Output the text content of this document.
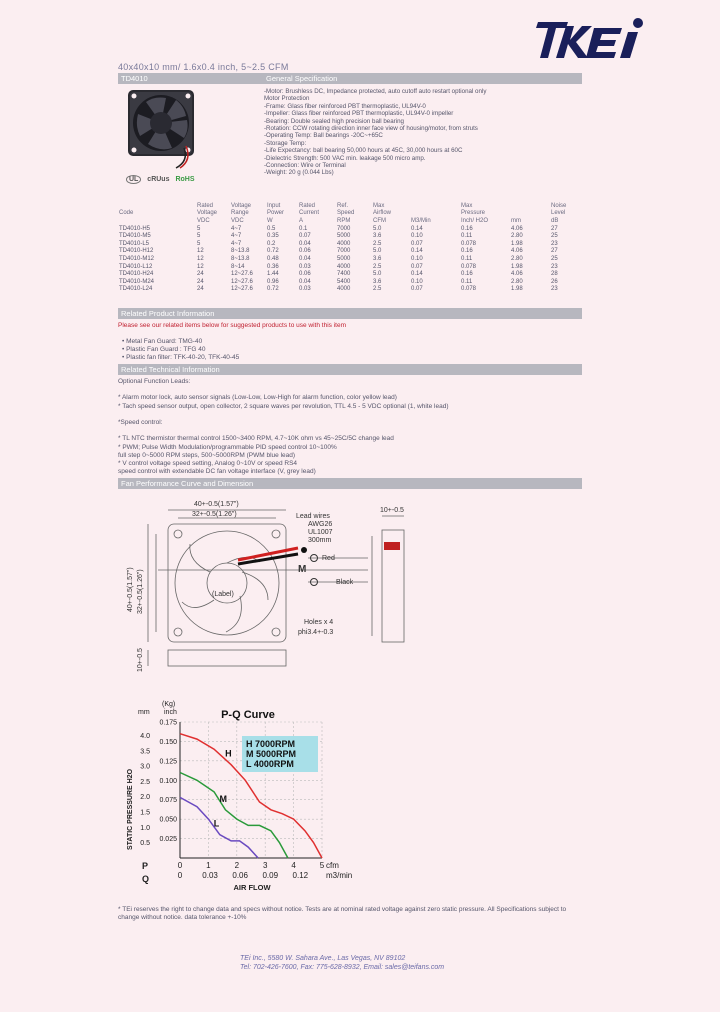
40x40x10 mm/ 1.6x0.4 inch, 5~2.5 CFM
TD4010	General Specification
UL cRUus RoHS
-Motor: Brushless DC, Impedance protected, auto cutoff auto restart optional only
Motor Protection
-Frame: Glass fiber reinforced PBT thermoplastic, UL94V-0
-Impeller: Glass fiber reinforced PBT thermoplastic, UL94V-0 impeller
-Bearing: Double sealed high precision ball bearing
-Rotation: CCW rotating direction inner face view of housing/motor, from struts
-Operating Temp: Ball bearings -20C~+65C
-Storage Temp:
-Life Expectancy: ball bearing 50,000 hours at 45C, 30,000 hours at 60C
-Dielectric Strength: 500 VAC min. leakage 500 micro amp.
-Connection: Wire or Terminal
-Weight: 20 g (0.044 Lbs)
	Rated	Voltage	Input	Rated	Ref.	Max		Max		Noise
Code	Voltage	Range	Power	Current	Speed	Airflow		Pressure		Level
	VDC	VDC	W	A	RPM	CFM	M3/Min	Inch/ H2O	mm	dB
TD4010-H5	5	4~7	0.5	0.1	7000	5.0	0.14	0.16	4.06	27
TD4010-M5	5	4~7	0.35	0.07	5000	3.6	0.10	0.11	2.80	25
TD4010-L5	5	4~7	0.2	0.04	4000	2.5	0.07	0.078	1.98	23
TD4010-H12	12	8~13.8	0.72	0.06	7000	5.0	0.14	0.16	4.06	27
TD4010-M12	12	8~13.8	0.48	0.04	5000	3.6	0.10	0.11	2.80	25
TD4010-L12	12	8~14	0.36	0.03	4000	2.5	0.07	0.078	1.98	23
TD4010-H24	24	12~27.6	1.44	0.06	7400	5.0	0.14	0.16	4.06	28
TD4010-M24	24	12~27.6	0.96	0.04	5400	3.6	0.10	0.11	2.80	26
TD4010-L24	24	12~27.6	0.72	0.03	4000	2.5	0.07	0.078	1.98	23
Related Product Information
Please see our related items below for suggested products to use with this item
• Metal Fan Guard: TMG-40
• Plastic Fan Guard : TFG 40
• Plastic fan filter: TFK-40-20, TFK-40-45
Related Technical Information
Optional Function Leads:

* Alarm motor lock, auto sensor signals (Low-Low, Low-High for alarm function, color yellow lead)
* Tach speed sensor output, open collector, 2 square waves per revolution, TTL 4.5 - 5 VDC optional (1, white lead)

*Speed control:

* TL NTC thermistor thermal control 1500~3400 RPM, 4.7~10K ohm vs 45~25C/5C change lead
* PWM; Pulse Width Modulation/programmable PID speed control 10~100%
full step 0~5000 RPM steps, 500~5000RPM (PWM blue lead)
* V control voltage speed setting, Analog 0~10V or speed RS4
speed control with extendable DC fan voltage interface (V, grey lead)
Fan Performance Curve and Dimension
40+-0.5(1.57")
32+-0.5(1.26")
10+-0.5
Lead wires
AWG26
UL1007
300mm
Red
Black
M
(Label)
Holes x 4
phi3.4+-0.3
40+-0.5(1.57") 32+-0.5(1.26")
10+-0.5
0.025
0.050
0.075
0.100
0.125
0.150
0.175
0.5
1.0
1.5
2.0
2.5
3.0
3.5
4.0
0	1	2	3	4	5
0	0.03 0.06 0.09 0.12
P-Q Curve
STATIC PRESSURE H2O
AIR FLOW
mm inch
(Kg)
cfm
m3/min
P
Q
H
M
L
H 7000RPM
M 5000RPM
L 4000RPM
* TEi reserves the right to change data and specs without notice. Tests are at nominal rated voltage against zero static pressure. All Specifications subject to change without notice. data tolerance +-10%
TEi Inc., 5580 W. Sahara Ave., Las Vegas, NV 89102
Tel: 702-426-7600, Fax: 775-628-8932, Email: sales@teifans.com
